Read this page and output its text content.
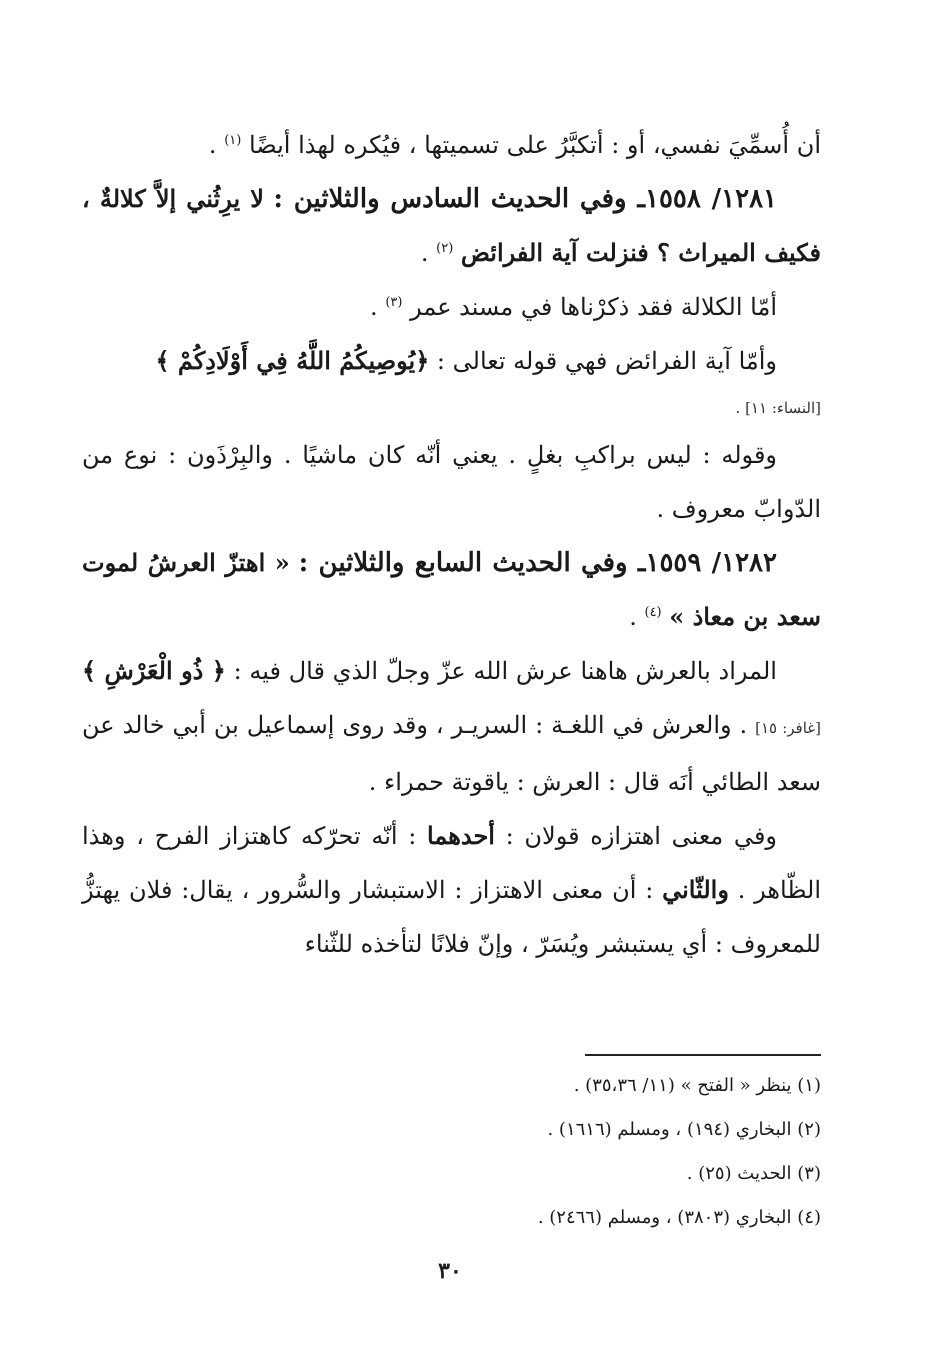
أن أُسمِّيَ نفسي، أو : أتكبَّرُ على تسميتها ، فيُكره لهذا أيضًا $^{(١)}$ .

١٢٨١/ ١٥٥٨ـ وفي الحديث السادس والثلاثين : لا يرِثُني إلاَّ كلالةٌ ، فكيف الميراث ؟ فنزلت آية الفرائض $^{(٢)}$ .

أمّا الكلالة فقد ذكرْناها في مسند عمر $^{(٣)}$ .

وأمّا آية الفرائض فهي قوله تعالى : ﴿يُوصِيكُمُ اللَّهُ فِي أَوْلَادِكُمْ ﴾

[النساء: ١١] .

وقوله : ليس براكبِ بغلٍ . يعني أنّه كان ماشيًا . والبِرْذَون : نوع من الدّوابّ معروف .

١٢٨٢/ ١٥٥٩ـ وفي الحديث السابع والثلاثين : « اهتزّ العرشُ لموت سعد بن معاذ » $^{(٤)}$ .

المراد بالعرش هاهنا عرش الله عزّ وجلّ الذي قال فيه : ﴿ ذُو الْعَرْشِ ﴾ [غافر: ١٥] . والعرش في اللغـة : السريـر ، وقد روى إسماعيل بن أبي خالد عن سعد الطائي أنَه قال : العرش : ياقوتة حمراء .

وفي معنى اهتزازه قولان : أحدهما : أنّه تحرّكه كاهتزاز الفرح ، وهذا الظّاهر . والثّاني : أن معنى الاهتزاز : الاستبشار والسُّرور ، يقال: فلان يهتزُّ للمعروف : أي يستبشر ويُسَرّ ، وإنّ فلانًا لتأخذه للثّناء

(١) ينظر « الفتح » (١١/ ٣٥،٣٦) .
(٢) البخاري (١٩٤) ، ومسلم (١٦١٦) .
(٣) الحديث (٢٥) .
(٤) البخاري (٣٨٠٣) ، ومسلم (٢٤٦٦) .
٣٠
